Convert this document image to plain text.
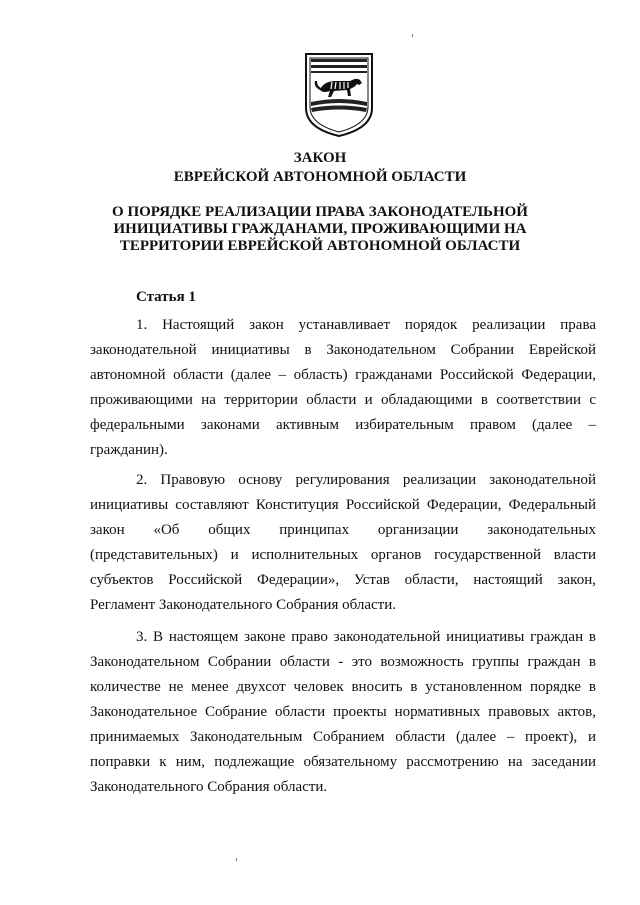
ЗАКОН

ЕВРЕЙСКОЙ АВТОНОМНОЙ ОБЛАСТИ

О ПОРЯДКЕ РЕАЛИЗАЦИИ ПРАВА ЗАКОНОДАТЕЛЬНОЙ
ИНИЦИАТИВЫ ГРАЖДАНАМИ, ПРОЖИВАЮЩИМИ НА
ТЕРРИТОРИИ ЕВРЕЙСКОЙ АВТОНОМНОЙ ОБЛАСТИ
Статья 1

1. Настоящий закон устанавливает порядок реализации права законодательной инициативы в Законодательном Собрании Еврейской автономной области (далее – область) гражданами Российской Федерации, проживающими на территории области и обладающими в соответствии с федеральными законами активным избирательным правом (далее – гражданин).

2. Правовую основу регулирования реализации законодательной инициативы составляют Конституция Российской Федерации, Федеральный закон «Об общих принципах организации законодательных (представительных) и исполнительных органов государственной власти субъектов Российской Федерации», Устав области, настоящий закон, Регламент Законодательного Собрания области.

3. В настоящем законе право законодательной инициативы граждан в Законодательном Собрании области - это возможность группы граждан в количестве не менее двухсот человек вносить в установленном порядке в Законодательное Собрание области проекты нормативных правовых актов, принимаемых Законодательным Собранием области (далее – проект), и поправки к ним, подлежащие обязательному рассмотрению на заседании Законодательного Собрания области.
